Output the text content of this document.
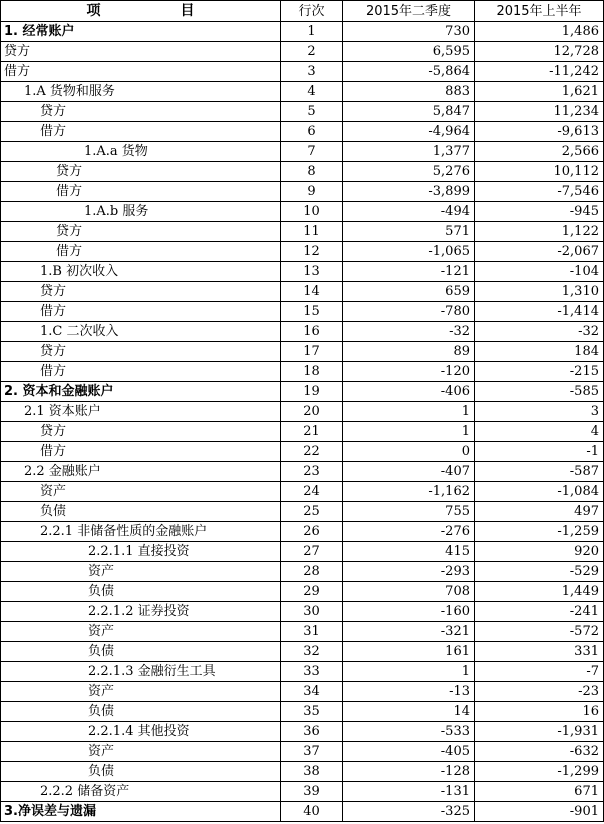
项 目	行次	2015年二季度	2015年上半年
1. 经常账户	1	730	1,486
贷方	2	6,595	12,728
借方	3	-5,864	-11,242
1.A 货物和服务	4	883	1,621
贷方	5	5,847	11,234
借方	6	-4,964	-9,613
1.A.a 货物	7	1,377	2,566
贷方	8	5,276	10,112
借方	9	-3,899	-7,546
1.A.b 服务	10	-494	-945
贷方	11	571	1,122
借方	12	-1,065	-2,067
1.B 初次收入	13	-121	-104
贷方	14	659	1,310
借方	15	-780	-1,414
1.C 二次收入	16	-32	-32
贷方	17	89	184
借方	18	-120	-215
2. 资本和金融账户	19	-406	-585
2.1 资本账户	20	1	3
贷方	21	1	4
借方	22	0	-1
2.2 金融账户	23	-407	-587
资产	24	-1,162	-1,084
负债	25	755	497
2.2.1 非储备性质的金融账户	26	-276	-1,259
2.2.1.1 直接投资	27	415	920
资产	28	-293	-529
负债	29	708	1,449
2.2.1.2 证券投资	30	-160	-241
资产	31	-321	-572
负债	32	161	331
2.2.1.3 金融衍生工具	33	1	-7
资产	34	-13	-23
负债	35	14	16
2.2.1.4 其他投资	36	-533	-1,931
资产	37	-405	-632
负债	38	-128	-1,299
2.2.2 储备资产	39	-131	671
3.净误差与遗漏	40	-325	-901
